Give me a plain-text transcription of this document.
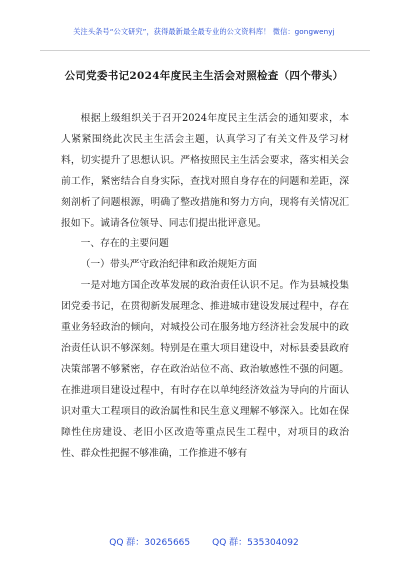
关注头条号“公文研究”，获得最新最全最专业的公文资料库！ 微信：gongwenyj
公司党委书记2024年度民主生活会对照检查（四个带头）

根据上级组织关于召开2024年度民主生活会的通知要求，本人紧紧围绕此次民主生活会主题，认真学习了有关文件及学习材料，切实提升了思想认识。严格按照民主生活会要求，落实相关会前工作，紧密结合自身实际，查找对照自身存在的问题和差距，深刻剖析了问题根源，明确了整改措施和努力方向，现将有关情况汇报如下。诚请各位领导、同志们提出批评意见。

一、存在的主要问题

（一）带头严守政治纪律和政治规矩方面

一是对地方国企改革发展的政治责任认识不足。作为县城投集团党委书记，在贯彻新发展理念、推进城市建设发展过程中，存在重业务轻政治的倾向，对城投公司在服务地方经济社会发展中的政治责任认识不够深刻。特别是在重大项目建设中，对标县委县政府决策部署不够紧密，存在政治站位不高、政治敏感性不强的问题。在推进项目建设过程中，有时存在以单纯经济效益为导向的片面认识对重大工程项目的政治属性和民生意义理解不够深入。比如在保障性住房建设、老旧小区改造等重点民生工程中，对项目的政治性、群众性把握不够准确，工作推进不够有

QQ 群：30265665 QQ 群：535304092
